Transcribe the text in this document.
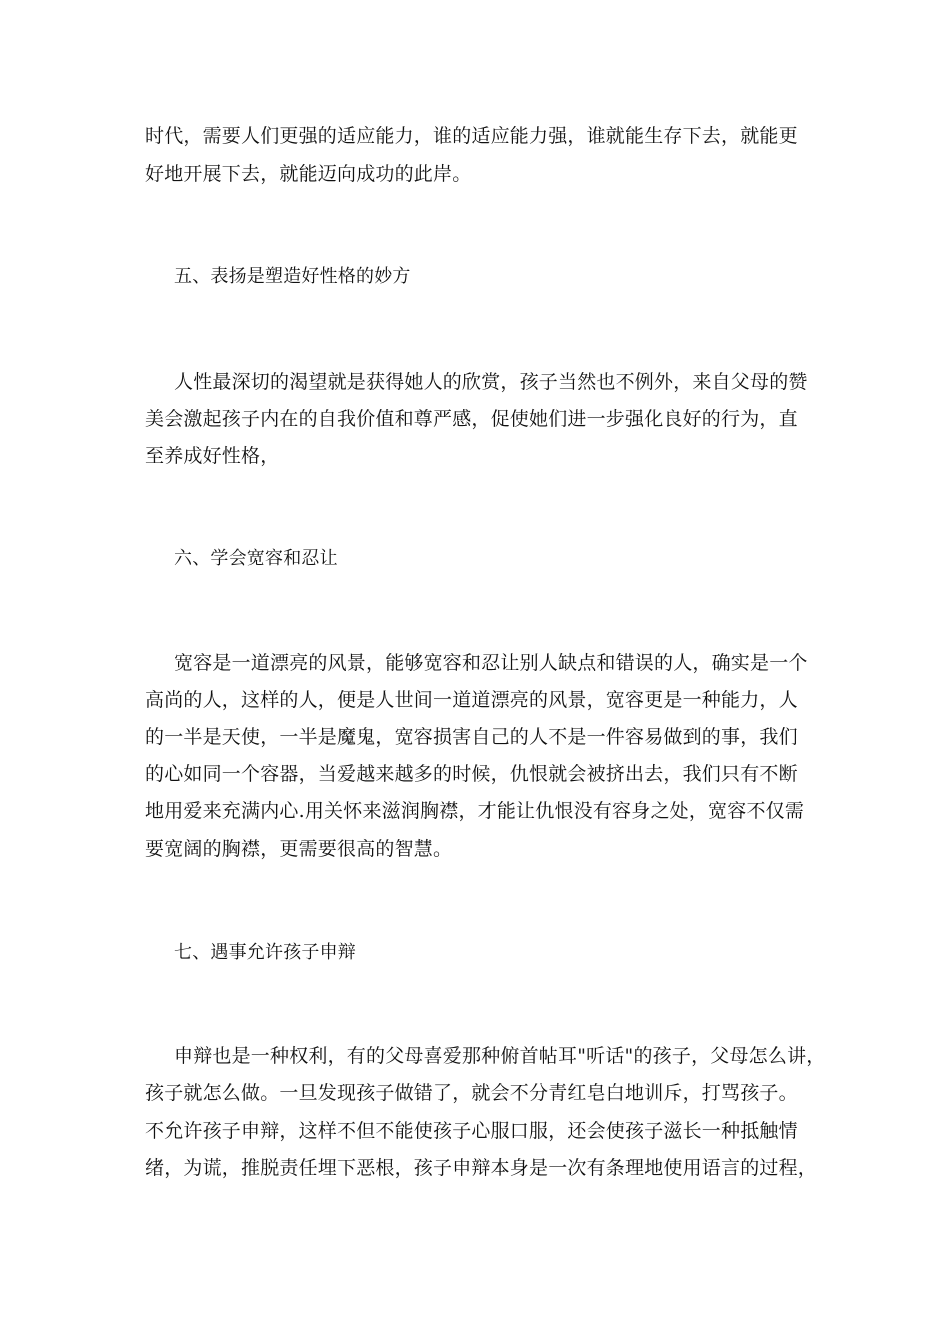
时代，需要人们更强的适应能力，谁的适应能力强，谁就能生存下去，就能更
好地开展下去，就能迈向成功的此岸。
五、表扬是塑造好性格的妙方
人性最深切的渴望就是获得她人的欣赏，孩子当然也不例外，来自父母的赞
美会激起孩子内在的自我价值和尊严感，促使她们进一步强化良好的行为，直
至养成好性格，
六、学会宽容和忍让
宽容是一道漂亮的风景，能够宽容和忍让别人缺点和错误的人，确实是一个
高尚的人，这样的人，便是人世间一道道漂亮的风景，宽容更是一种能力，人
的一半是天使，一半是魔鬼，宽容损害自己的人不是一件容易做到的事，我们
的心如同一个容器，当爱越来越多的时候，仇恨就会被挤出去，我们只有不断
地用爱来充满内心.用关怀来滋润胸襟，才能让仇恨没有容身之处，宽容不仅需
要宽阔的胸襟，更需要很高的智慧。
七、遇事允许孩子申辩
申辩也是一种权利，有的父母喜爱那种俯首帖耳"听话"的孩子，父母怎么讲，
孩子就怎么做。一旦发现孩子做错了，就会不分青红皂白地训斥，打骂孩子。
不允许孩子申辩，这样不但不能使孩子心服口服，还会使孩子滋长一种抵触情
绪，为谎，推脱责任埋下恶根，孩子申辩本身是一次有条理地使用语言的过程，
